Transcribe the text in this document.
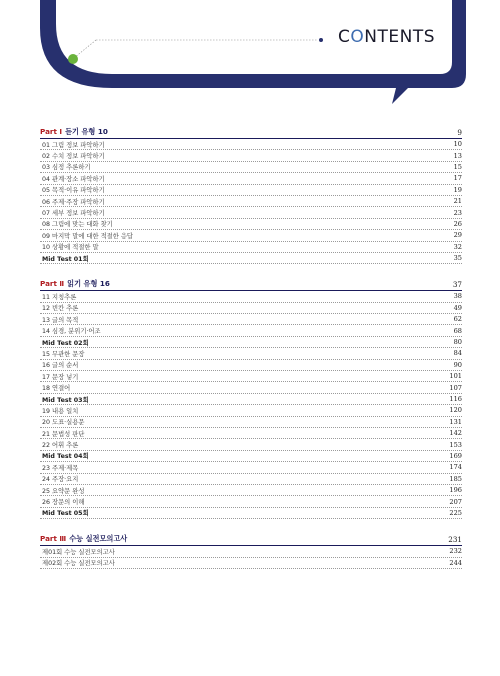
CONTENTS
Part Ⅰ 듣기 유형 10	9
01 그림 정보 파악하기	10
02 수치 정보 파악하기	13
03 심정 추론하기	15
04 관계·장소 파악하기	17
05 목적·이유 파악하기	19
06 주제·주장 파악하기	21
07 세부 정보 파악하기	23
08 그림에 맞는 대화 찾기	26
09 마지막 말에 대한 적절한 응답	29
10 상황에 적절한 말	32
Mid Test 01회	35
Part Ⅱ 읽기 유형 16	37
11 지칭추론	38
12 빈칸 추론	49
13 글의 목적	62
14 심경, 분위기·어조	68
Mid Test 02회	80
15 무관한 문장	84
16 글의 순서	90
17 문장 넣기	101
18 연결어	107
Mid Test 03회	116
19 내용 일치	120
20 도표·실용문	131
21 문법성 판단	142
22 어휘 추론	153
Mid Test 04회	169
23 주제·제목	174
24 주장·요지	185
25 요약문 완성	196
26 장문의 이해	207
Mid Test 05회	225
Part Ⅲ 수능 실전모의고사	231
제01회 수능 실전모의고사	232
제02회 수능 실전모의고사	244
